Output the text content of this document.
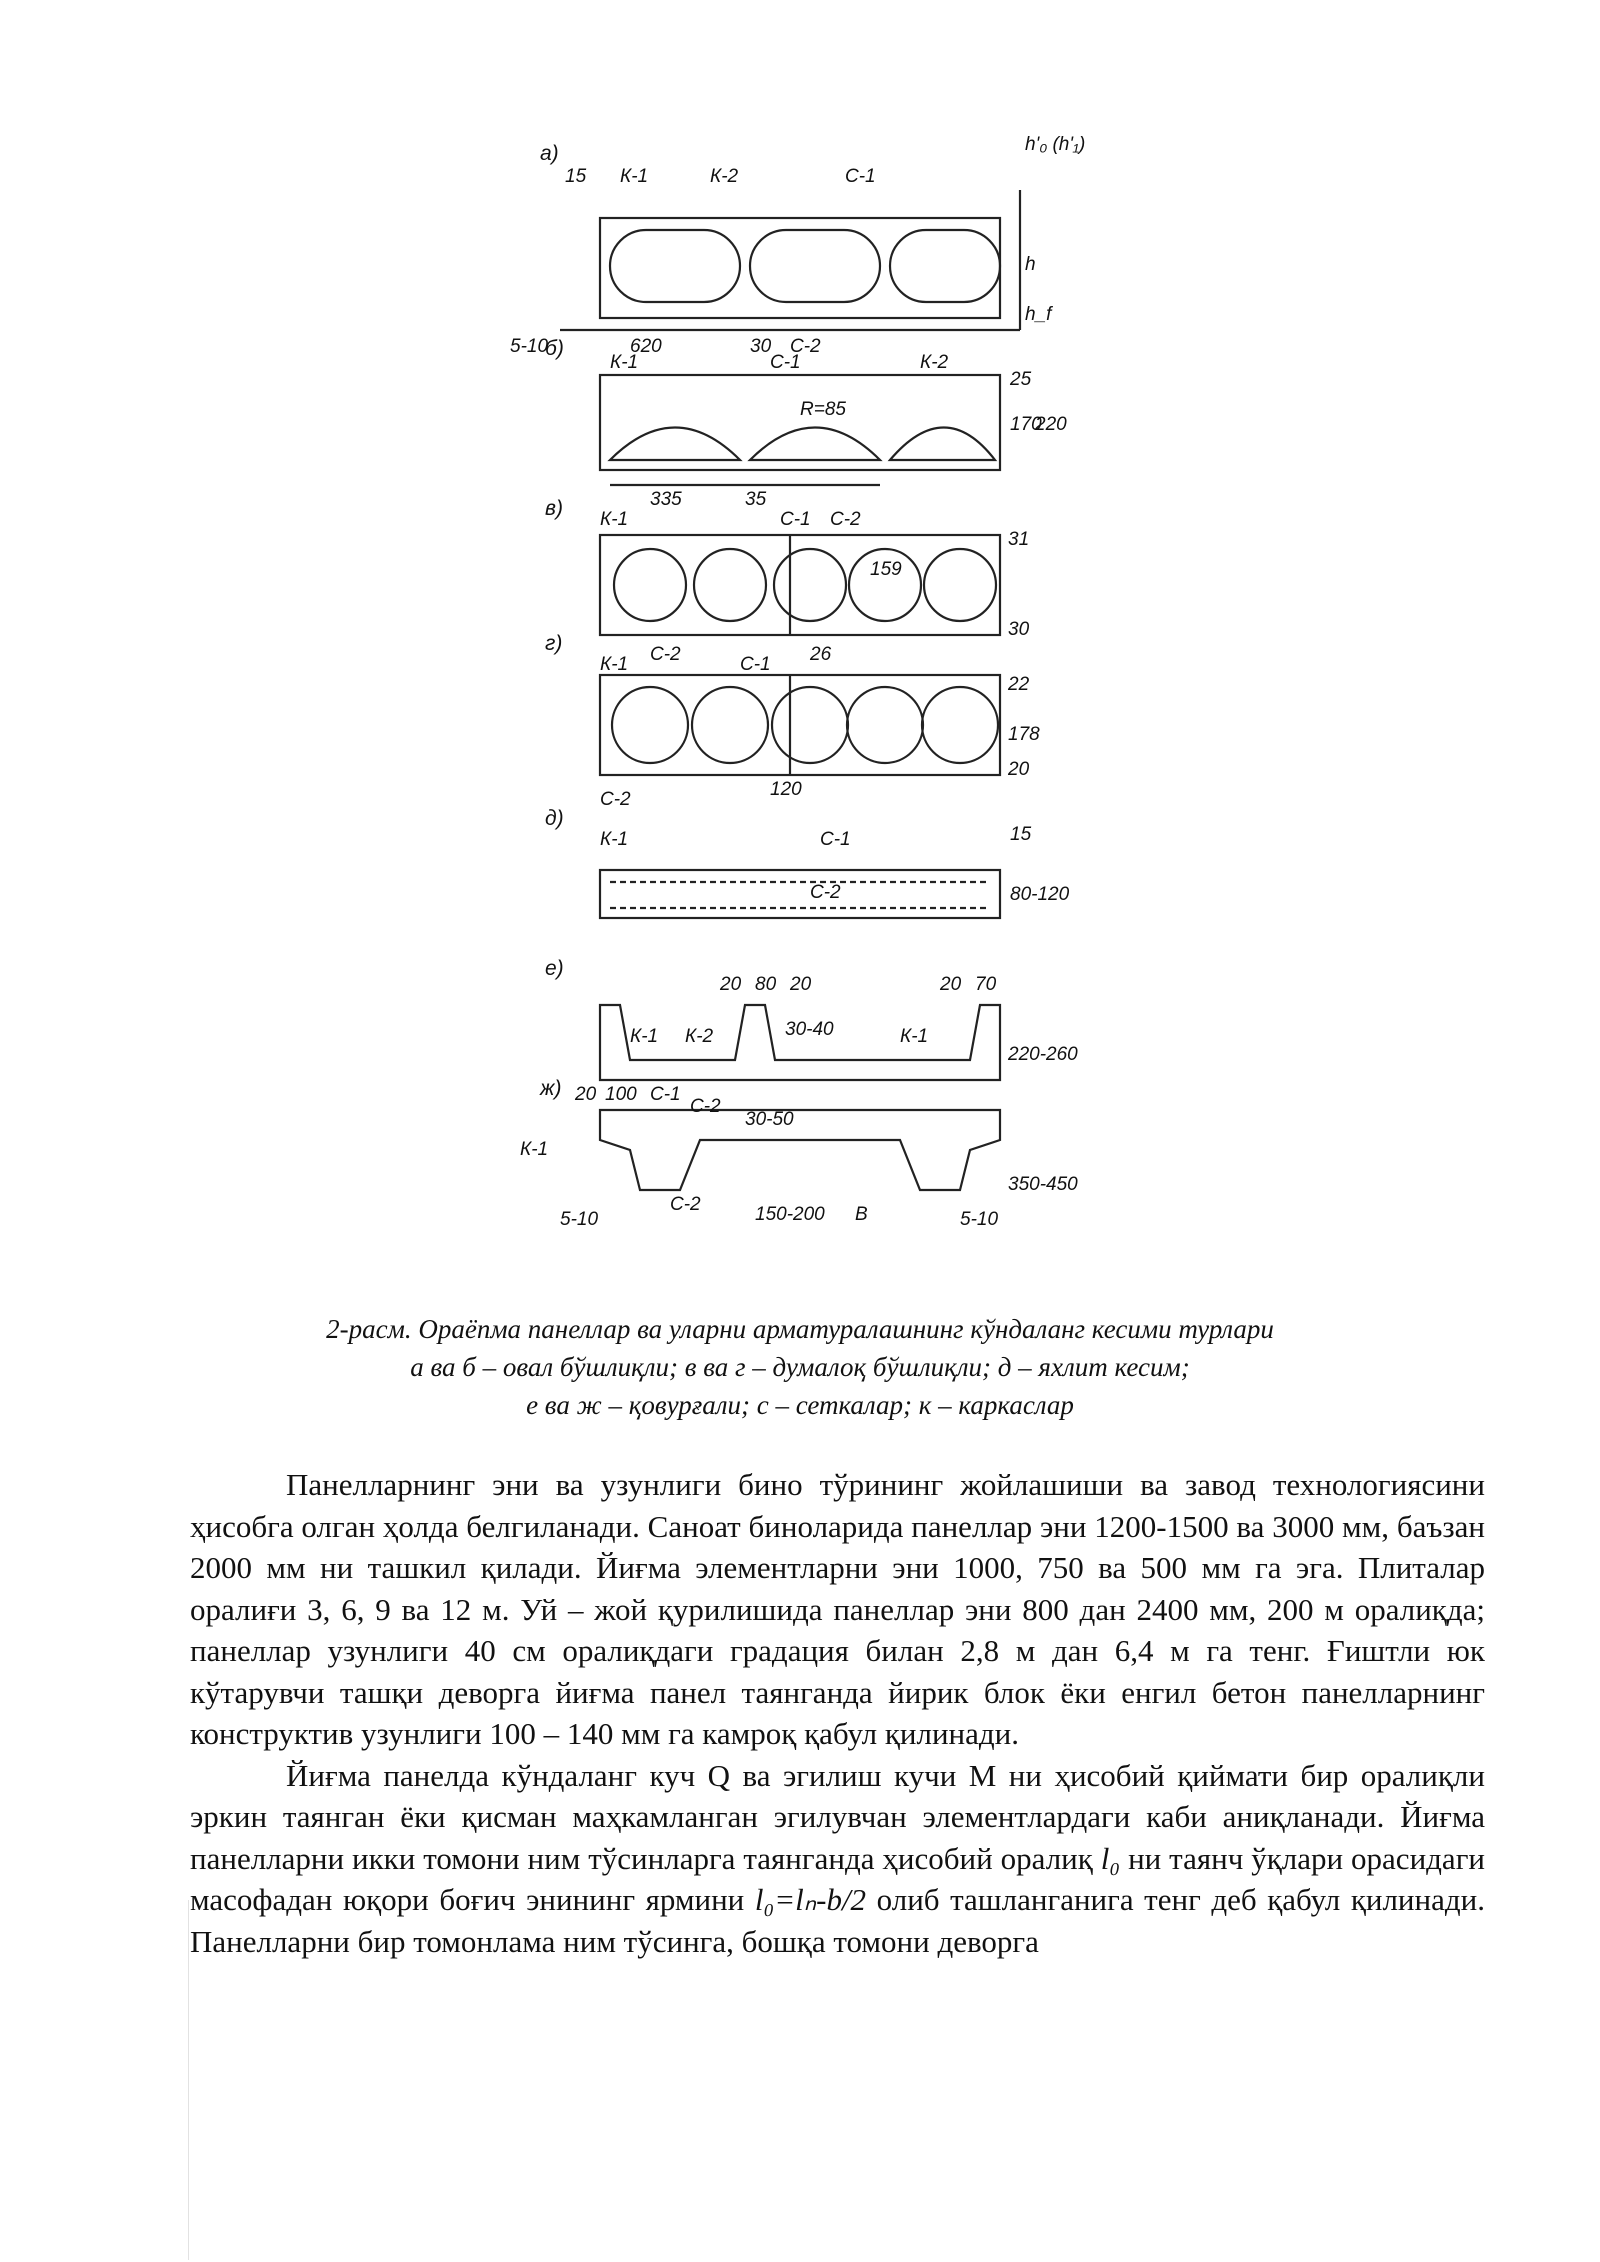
а)
К-1	К-2	С-1
15
620	30 С-2
5-10
h'₀ (h'₁)
h
h_f
б)
К-1	С-1	К-2
R=85
335	35
С-2
25
170
220
в) К-1	С-1
С-2	26
159
31
30
г)
К-1	С-1
С-2	120
22
178
20
д)
К-1	С-1
С-2
15
80-120
е)
20 80 20	20 70
К-1 К-2	К-1
30-40
220-260
ж) 20 100 С-1
С-2
30-50
К-1
С-2	150-200 B
5-10	5-10
350-450
2-расм. Ораёпма панеллар ва уларни арматуралашнинг кўндаланг кесими турлари
а ва б – овал бўшлиқли; в ва г – думалоқ бўшлиқли; д – яхлит кесим;
е ва ж – қовурғали; с – сеткалар; к – каркаслар

Панелларнинг эни ва узунлиги бино тўрининг жойлашиши ва завод технологиясини ҳисобга олган ҳолда белгиланади. Саноат биноларида панеллар эни 1200-1500 ва 3000 мм, баъзан 2000 мм ни ташкил қилади. Йиғма элементларни эни 1000, 750 ва 500 мм га эга. Плиталар оралиғи 3, 6, 9 ва 12 м. Уй – жой қурилишида панеллар эни 800 дан 2400 мм, 200 м оралиқда; панеллар узунлиги 40 см оралиқдаги градация билан 2,8 м дан 6,4 м га тенг. Ғиштли юк кўтарувчи ташқи деворга йиғма панел таянганда йирик блок ёки енгил бетон панелларнинг конструктив узунлиги 100 – 140 мм га камроқ қабул қилинади.

Йиғма панелда кўндаланг куч Q ва эгилиш кучи M ни ҳисобий қиймати бир оралиқли эркин таянган ёки қисман маҳкамланган эгилувчан элементлардаги каби аниқланади. Йиғма панелларни икки томони ним тўсинларга таянганда ҳисобий оралиқ l₀ ни таянч ўқлари орасидаги масофадан юқори боғич энининг ярмини l₀=lₙ-b/2 олиб ташланганига тенг деб қабул қилинади. Панелларни бир томонлама ним тўсинга, бошқа томони деворга
